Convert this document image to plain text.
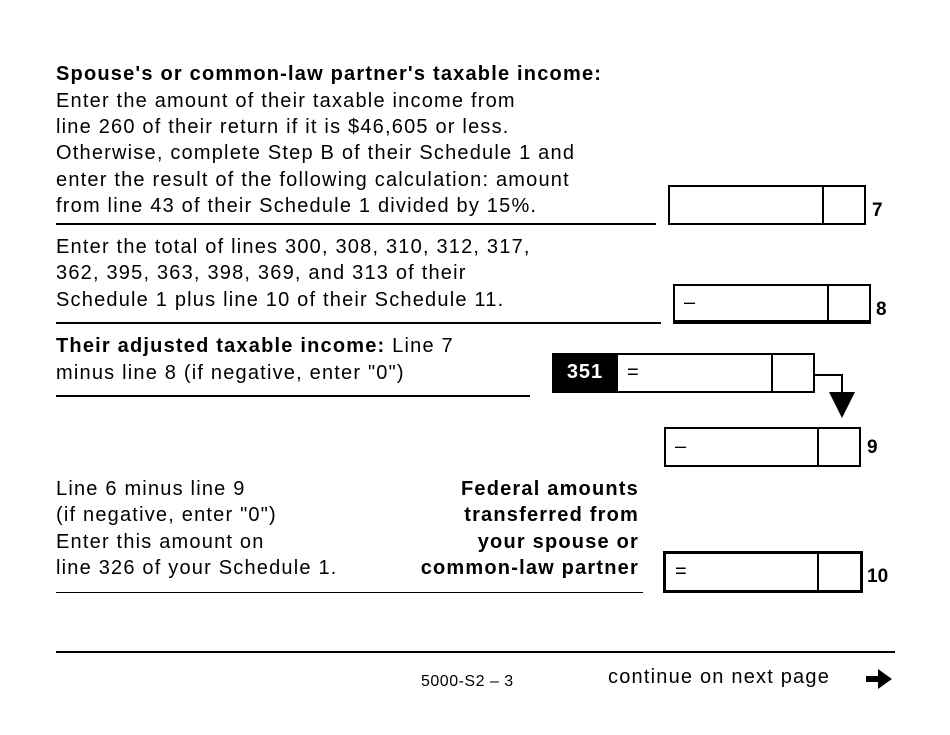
Spouse's or common-law partner's taxable income:
Enter the amount of their taxable income from
line 260 of their return if it is $46,605 or less.
Otherwise, complete Step B of their Schedule 1 and
enter the result of the following calculation: amount
from line 43 of their Schedule 1 divided by 15%.	7
Enter the total of lines 300, 308, 310, 312, 317,
362, 395, 363, 398, 369, and 313 of their
Schedule 1 plus line 10 of their Schedule 11.	–	8
Their adjusted taxable income: Line 7
minus line 8 (if negative, enter "0")	351	=
–	9
Line 6 minus line 9
(if negative, enter "0")
Enter this amount on
line 326 of your Schedule 1.
Federal amounts
transferred from
your spouse or
common-law partner =	10
5000-S2 – 3	continue on next page
